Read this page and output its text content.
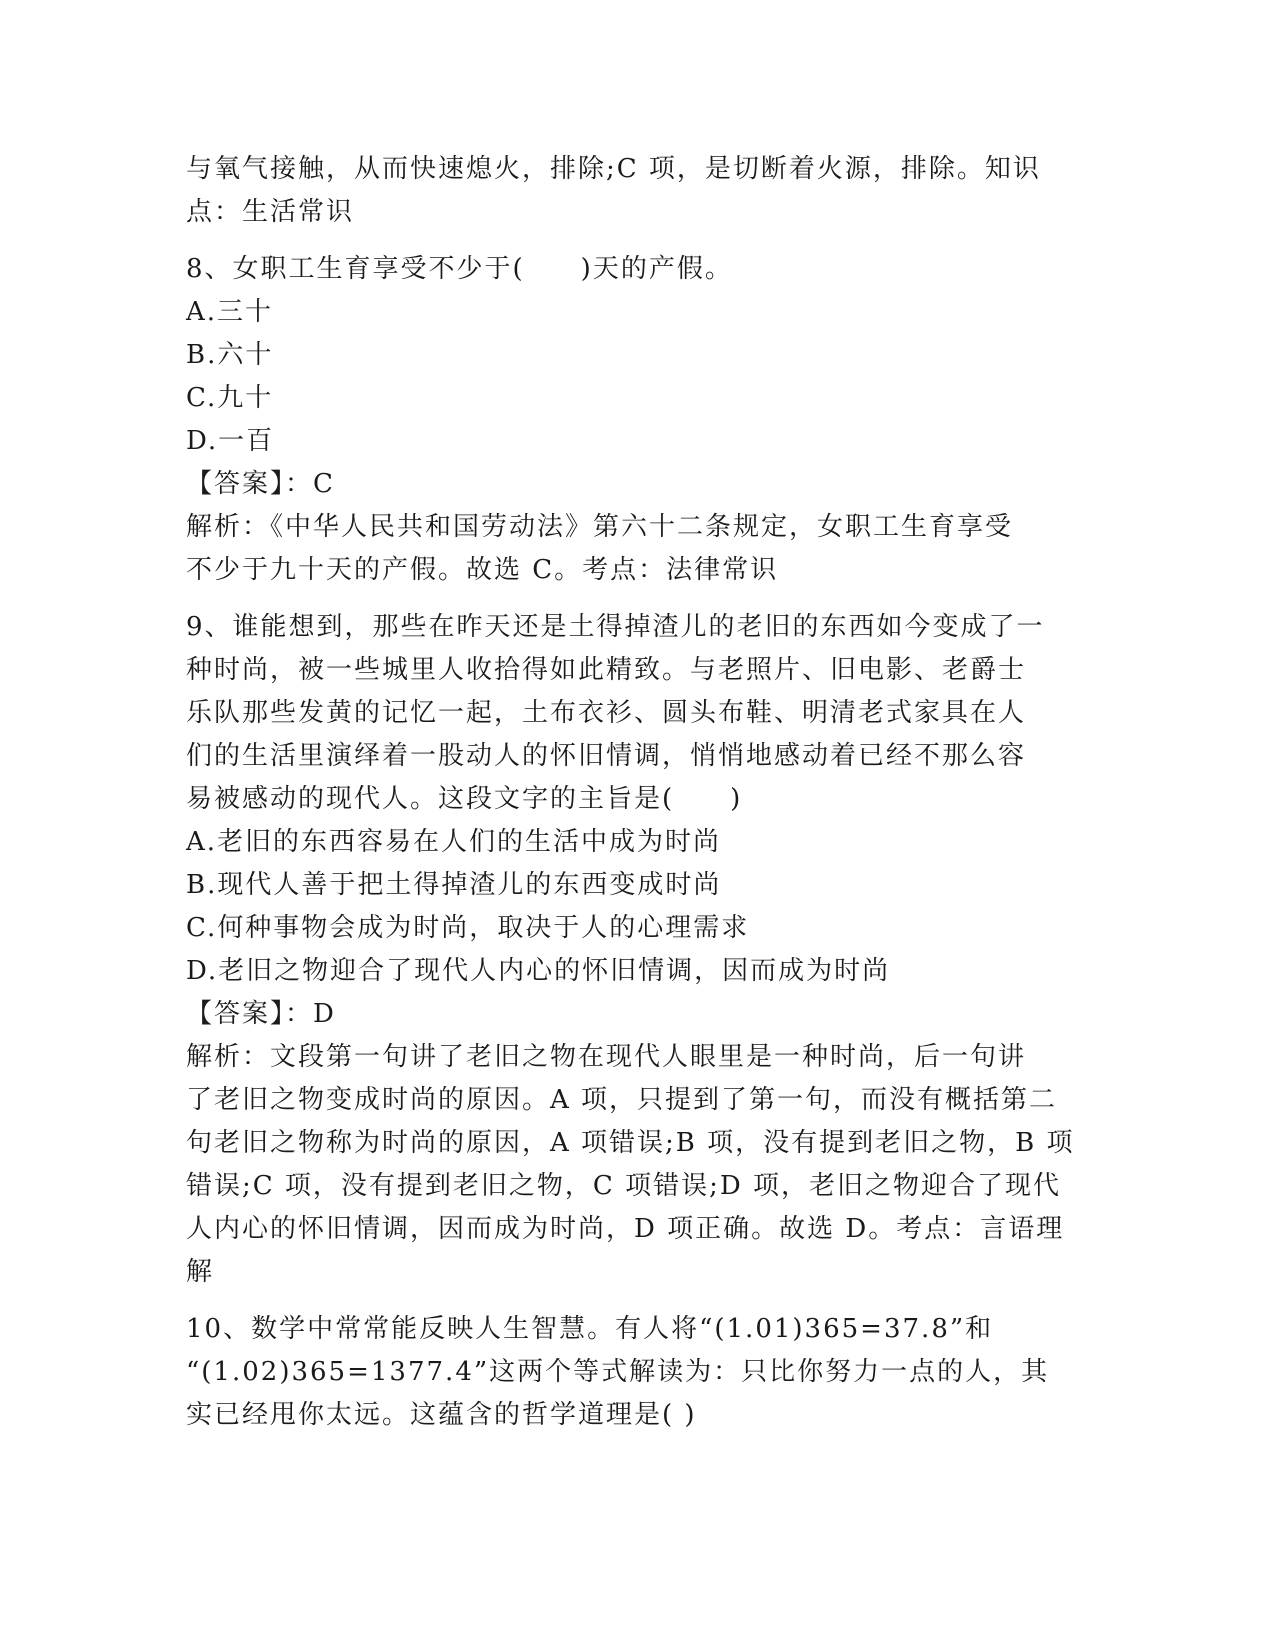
与氧气接触，从而快速熄火，排除;C 项，是切断着火源，排除。知识
点：生活常识
8、女职工生育享受不少于(　　)天的产假。
A.三十
B.六十
C.九十
D.一百
【答案】：C
解析：《中华人民共和国劳动法》第六十二条规定，女职工生育享受
不少于九十天的产假。故选 C。考点：法律常识
9、谁能想到，那些在昨天还是土得掉渣儿的老旧的东西如今变成了一
种时尚，被一些城里人收拾得如此精致。与老照片、旧电影、老爵士
乐队那些发黄的记忆一起，土布衣衫、圆头布鞋、明清老式家具在人
们的生活里演绎着一股动人的怀旧情调，悄悄地感动着已经不那么容
易被感动的现代人。这段文字的主旨是(　　)
A.老旧的东西容易在人们的生活中成为时尚
B.现代人善于把土得掉渣儿的东西变成时尚
C.何种事物会成为时尚，取决于人的心理需求
D.老旧之物迎合了现代人内心的怀旧情调，因而成为时尚
【答案】：D
解析：文段第一句讲了老旧之物在现代人眼里是一种时尚，后一句讲
了老旧之物变成时尚的原因。A 项，只提到了第一句，而没有概括第二
句老旧之物称为时尚的原因，A 项错误;B 项，没有提到老旧之物，B 项
错误;C 项，没有提到老旧之物，C 项错误;D 项，老旧之物迎合了现代
人内心的怀旧情调，因而成为时尚，D 项正确。故选 D。考点：言语理
解
10、数学中常常能反映人生智慧。有人将“(1.01)365=37.8”和
“(1.02)365=1377.4”这两个等式解读为：只比你努力一点的人，其
实已经甩你太远。这蕴含的哲学道理是( )
